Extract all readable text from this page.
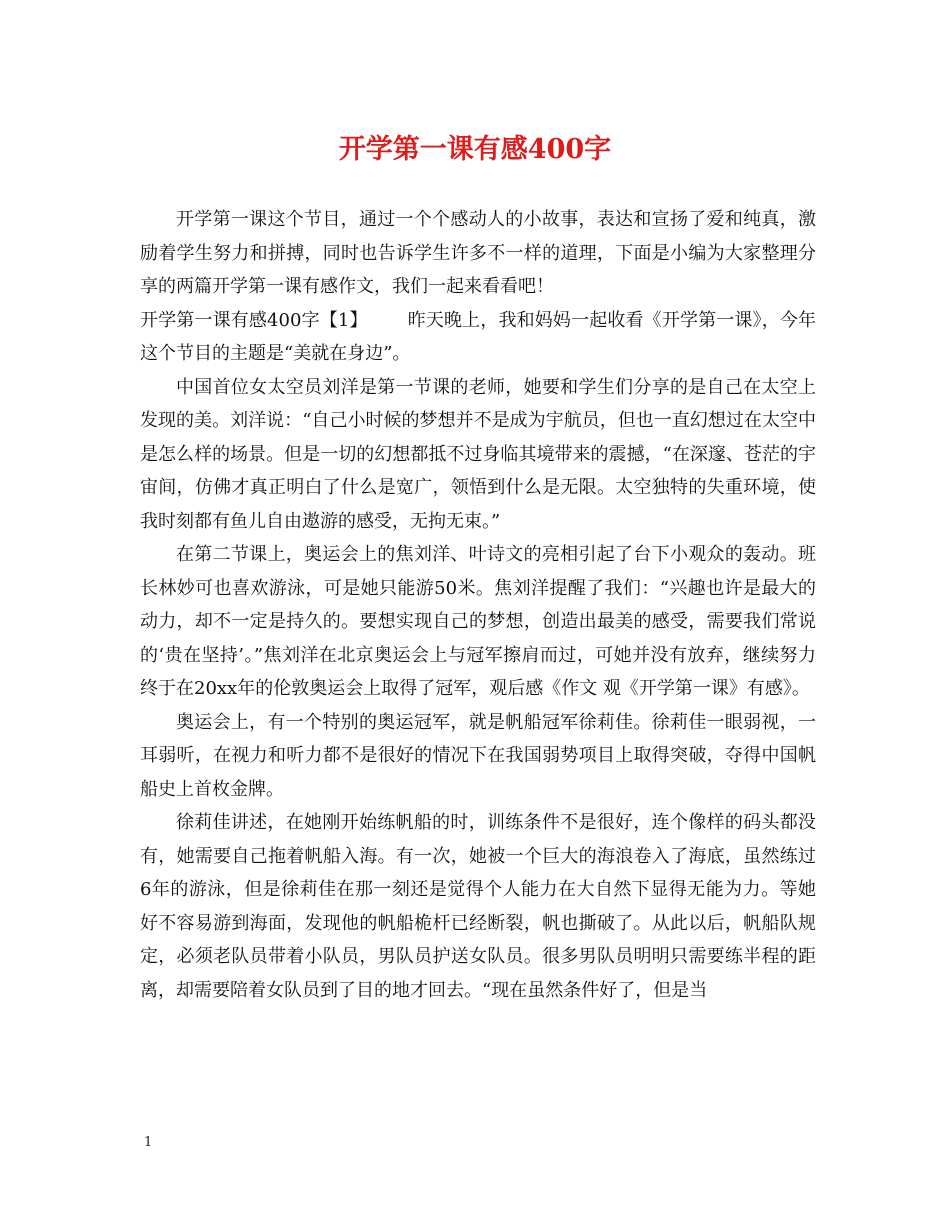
开学第一课有感400字

开学第一课这个节目，通过一个个感动人的小故事，表达和宣扬了爱和纯真，激励着学生努力和拼搏，同时也告诉学生许多不一样的道理，下面是小编为大家整理分享的两篇开学第一课有感作文，我们一起来看看吧！

开学第一课有感400字【1】 昨天晚上，我和妈妈一起收看《开学第一课》，今年这个节目的主题是“美就在身边”。

中国首位女太空员刘洋是第一节课的老师，她要和学生们分享的是自己在太空上发现的美。刘洋说：“自己小时候的梦想并不是成为宇航员，但也一直幻想过在太空中是怎么样的场景。但是一切的幻想都抵不过身临其境带来的震撼，“在深邃、苍茫的宇宙间，仿佛才真正明白了什么是宽广，领悟到什么是无限。太空独特的失重环境，使我时刻都有鱼儿自由遨游的感受，无拘无束。”

在第二节课上，奥运会上的焦刘洋、叶诗文的亮相引起了台下小观众的轰动。班长林妙可也喜欢游泳，可是她只能游50米。焦刘洋提醒了我们：“兴趣也许是最大的动力，却不一定是持久的。要想实现自己的梦想，创造出最美的感受，需要我们常说的‘贵在坚持’。”焦刘洋在北京奥运会上与冠军擦肩而过，可她并没有放弃，继续努力终于在20xx年的伦敦奥运会上取得了冠军，观后感《作文 观《开学第一课》有感》。

奥运会上，有一个特别的奥运冠军，就是帆船冠军徐莉佳。徐莉佳一眼弱视，一耳弱听，在视力和听力都不是很好的情况下在我国弱势项目上取得突破，夺得中国帆船史上首枚金牌。

徐莉佳讲述，在她刚开始练帆船的时，训练条件不是很好，连个像样的码头都没有，她需要自己拖着帆船入海。有一次，她被一个巨大的海浪卷入了海底，虽然练过6年的游泳，但是徐莉佳在那一刻还是觉得个人能力在大自然下显得无能为力。等她好不容易游到海面，发现他的帆船桅杆已经断裂，帆也撕破了。从此以后，帆船队规定，必须老队员带着小队员，男队员护送女队员。很多男队员明明只需要练半程的距离，却需要陪着女队员到了目的地才回去。“现在虽然条件好了，但是当

1
